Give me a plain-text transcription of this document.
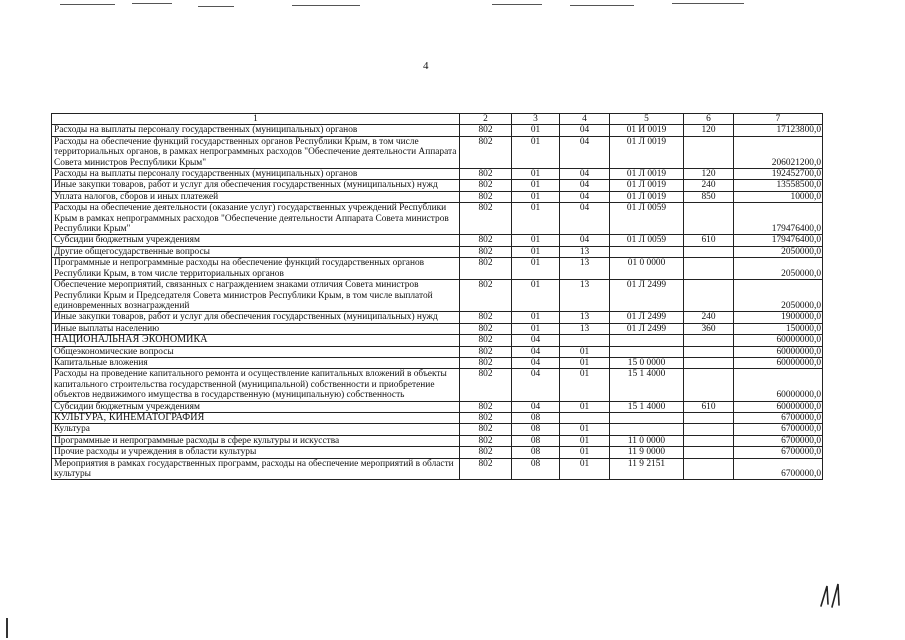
4
1	2	3	4	5	6	7
Расходы на выплаты персоналу государственных (муниципальных) органов	802	01	04	01 И 0019	120	17123800,0
Расходы на обеспечение функций государственных органов Республики Крым, в том числе территориальных органов, в рамках непрограммных расходов "Обеспечение деятельности Аппарата Совета министров Республики Крым"	802	01	04	01 Л 0019		206021200,0
Расходы на выплаты персоналу государственных (муниципальных) органов	802	01	04	01 Л 0019	120	192452700,0
Иные закупки товаров, работ и услуг для обеспечения государственных (муниципальных) нужд	802	01	04	01 Л 0019	240	13558500,0
Уплата налогов, сборов и иных платежей	802	01	04	01 Л 0019	850	10000,0
Расходы на обеспечение деятельности (оказание услуг) государственных учреждений Республики Крым в рамках непрограммных расходов "Обеспечение деятельности Аппарата Совета министров Республики Крым"	802	01	04	01 Л 0059		179476400,0
Субсидии бюджетным учреждениям	802	01	04	01 Л 0059	610	179476400,0
Другие общегосударственные вопросы	802	01	13			2050000,0
Программные и непрограммные расходы на обеспечение функций государственных органов Республики Крым, в том числе территориальных органов	802	01	13	01 0 0000		2050000,0
Обеспечение мероприятий, связанных с награждением знаками отличия Совета министров Республики Крым и Председателя Совета министров Республики Крым, в том числе выплатой единовременных вознаграждений	802	01	13	01 Л 2499		2050000,0
Иные закупки товаров, работ и услуг для обеспечения государственных (муниципальных) нужд	802	01	13	01 Л 2499	240	1900000,0
Иные выплаты населению	802	01	13	01 Л 2499	360	150000,0
НАЦИОНАЛЬНАЯ ЭКОНОМИКА	802	04				60000000,0
Общеэкономические вопросы	802	04	01			60000000,0
Капитальные вложения	802	04	01	15 0 0000		60000000,0
Расходы на проведение капитального ремонта и осуществление капитальных вложений в объекты капитального строительства государственной (муниципальной) собственности и приобретение объектов недвижимого имущества в государственную (муниципальную) собственность	802	04	01	15 1 4000		60000000,0
Субсидии бюджетным учреждениям	802	04	01	15 1 4000	610	60000000,0
КУЛЬТУРА, КИНЕМАТОГРАФИЯ	802	08				6700000,0
Культура	802	08	01			6700000,0
Программные и непрограммные расходы в сфере культуры и искусства	802	08	01	11 0 0000		6700000,0
Прочие расходы и учреждения в области культуры	802	08	01	11 9 0000		6700000,0
Мероприятия в рамках государственных программ, расходы на обеспечение мероприятий в области культуры	802	08	01	11 9 2151		6700000,0
